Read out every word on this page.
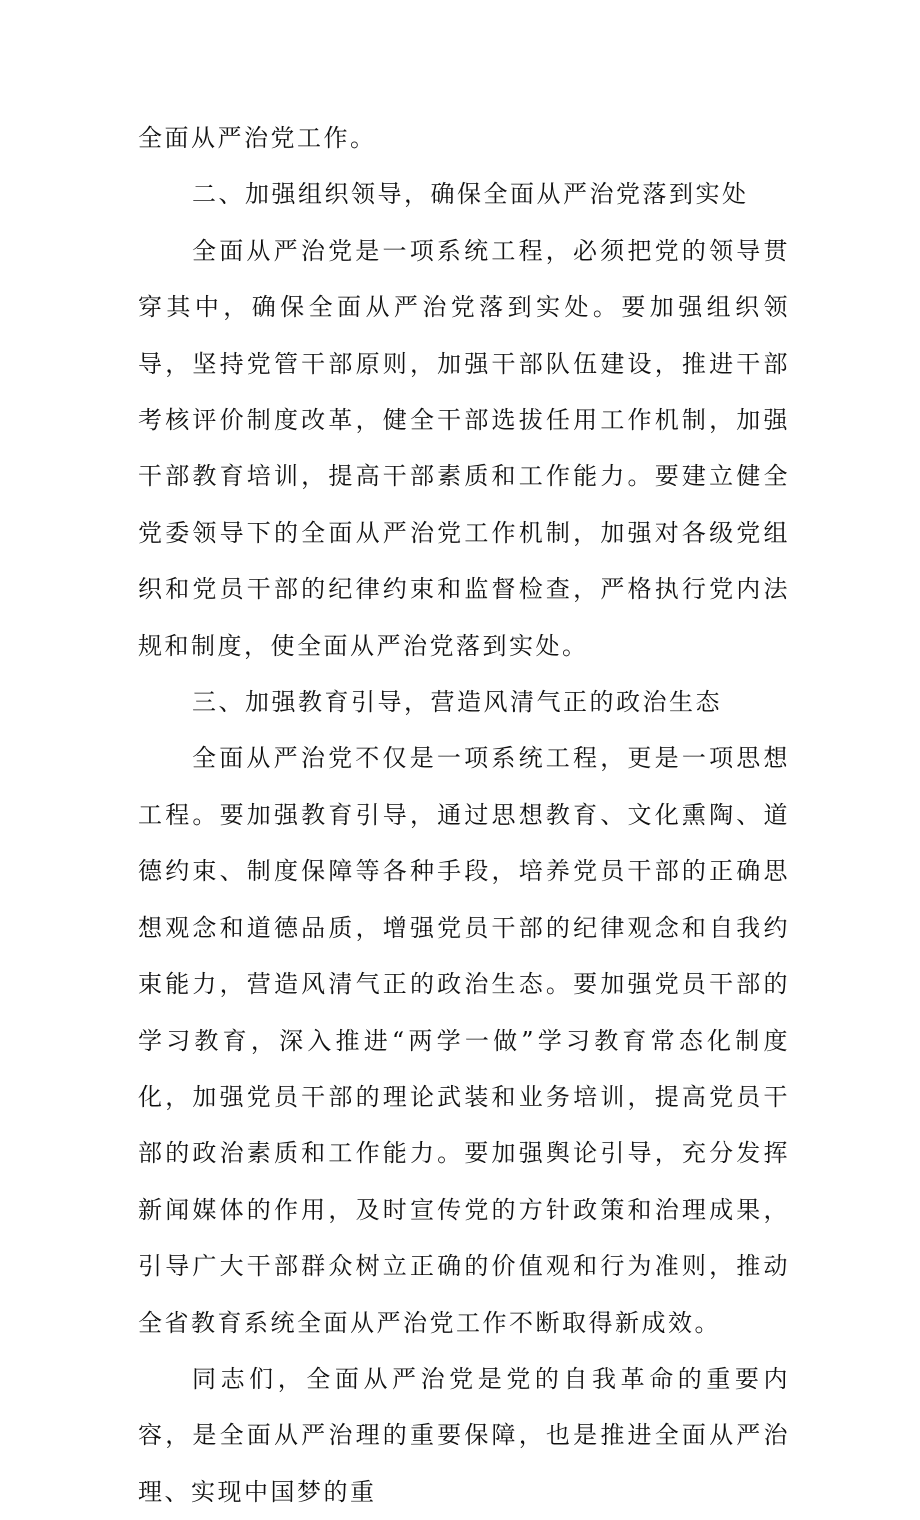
全面从严治党工作。

二、加强组织领导，确保全面从严治党落到实处

全面从严治党是一项系统工程，必须把党的领导贯穿其中，确保全面从严治党落到实处。要加强组织领导，坚持党管干部原则，加强干部队伍建设，推进干部考核评价制度改革，健全干部选拔任用工作机制，加强干部教育培训，提高干部素质和工作能力。要建立健全党委领导下的全面从严治党工作机制，加强对各级党组织和党员干部的纪律约束和监督检查，严格执行党内法规和制度，使全面从严治党落到实处。

三、加强教育引导，营造风清气正的政治生态

全面从严治党不仅是一项系统工程，更是一项思想工程。要加强教育引导，通过思想教育、文化熏陶、道德约束、制度保障等各种手段，培养党员干部的正确思想观念和道德品质，增强党员干部的纪律观念和自我约束能力，营造风清气正的政治生态。要加强党员干部的学习教育，深入推进“两学一做”学习教育常态化制度化，加强党员干部的理论武装和业务培训，提高党员干部的政治素质和工作能力。要加强舆论引导，充分发挥新闻媒体的作用，及时宣传党的方针政策和治理成果，引导广大干部群众树立正确的价值观和行为准则，推动全省教育系统全面从严治党工作不断取得新成效。

同志们，全面从严治党是党的自我革命的重要内容，是全面从严治理的重要保障，也是推进全面从严治理、实现中国梦的重
